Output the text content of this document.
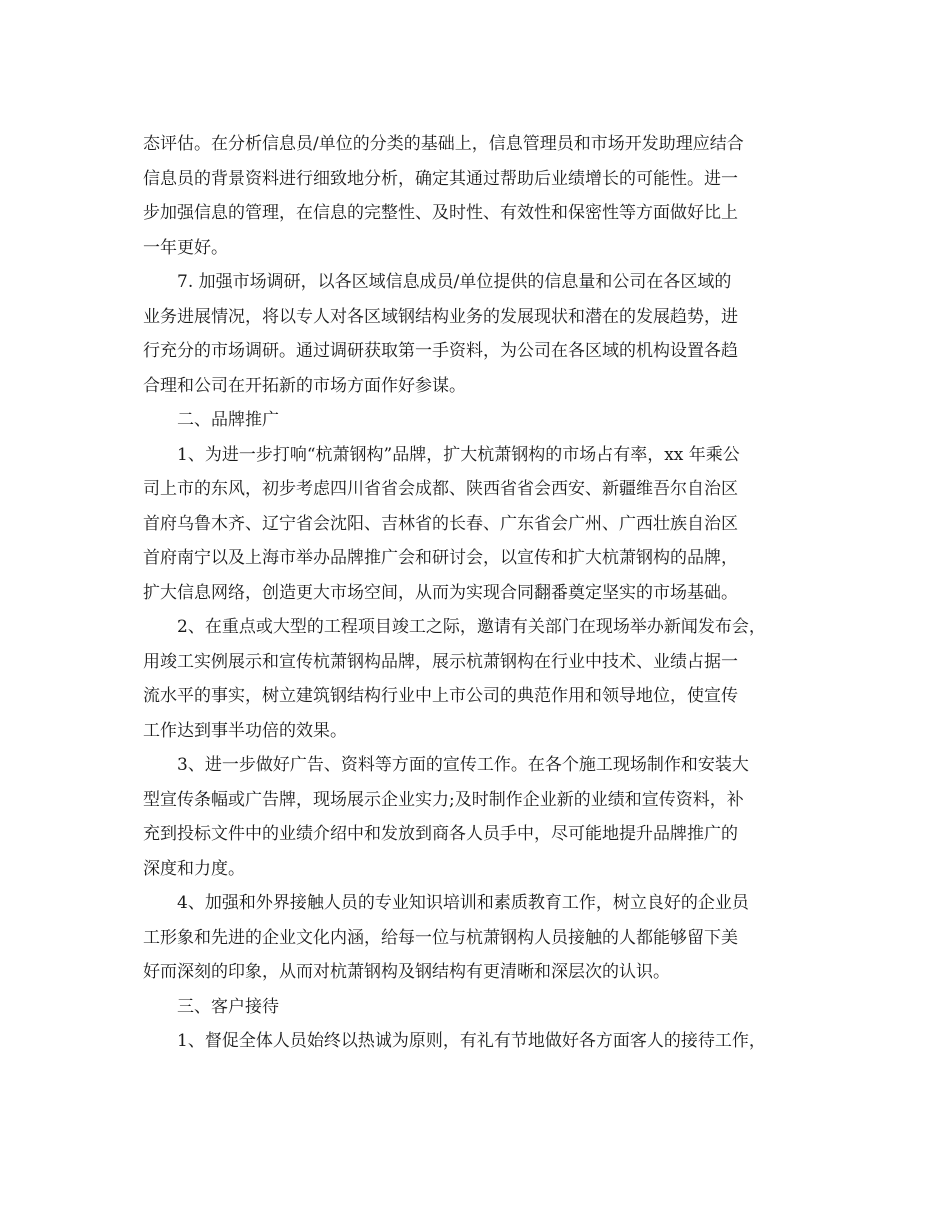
态评估。在分析信息员/单位的分类的基础上，信息管理员和市场开发助理应结合
信息员的背景资料进行细致地分析，确定其通过帮助后业绩增长的可能性。进一
步加强信息的管理，在信息的完整性、及时性、有效性和保密性等方面做好比上
一年更好。
7. 加强市场调研，以各区域信息成员/单位提供的信息量和公司在各区域的
业务进展情况，将以专人对各区域钢结构业务的发展现状和潜在的发展趋势，进
行充分的市场调研。通过调研获取第一手资料，为公司在各区域的机构设置各趋
合理和公司在开拓新的市场方面作好参谋。
二、品牌推广
1、为进一步打响“杭萧钢构”品牌，扩大杭萧钢构的市场占有率，xx 年乘公
司上市的东风，初步考虑四川省省会成都、陕西省省会西安、新疆维吾尔自治区
首府乌鲁木齐、辽宁省会沈阳、吉林省的长春、广东省会广州、广西壮族自治区
首府南宁以及上海市举办品牌推广会和研讨会，以宣传和扩大杭萧钢构的品牌，
扩大信息网络，创造更大市场空间，从而为实现合同翻番奠定坚实的市场基础。
2、在重点或大型的工程项目竣工之际，邀请有关部门在现场举办新闻发布会，
用竣工实例展示和宣传杭萧钢构品牌，展示杭萧钢构在行业中技术、业绩占据一
流水平的事实，树立建筑钢结构行业中上市公司的典范作用和领导地位，使宣传
工作达到事半功倍的效果。
3、进一步做好广告、资料等方面的宣传工作。在各个施工现场制作和安装大
型宣传条幅或广告牌，现场展示企业实力;及时制作企业新的业绩和宣传资料，补
充到投标文件中的业绩介绍中和发放到商各人员手中，尽可能地提升品牌推广的
深度和力度。
4、加强和外界接触人员的专业知识培训和素质教育工作，树立良好的企业员
工形象和先进的企业文化内涵，给每一位与杭萧钢构人员接触的人都能够留下美
好而深刻的印象，从而对杭萧钢构及钢结构有更清晰和深层次的认识。
三、客户接待
1、督促全体人员始终以热诚为原则，有礼有节地做好各方面客人的接待工作，
